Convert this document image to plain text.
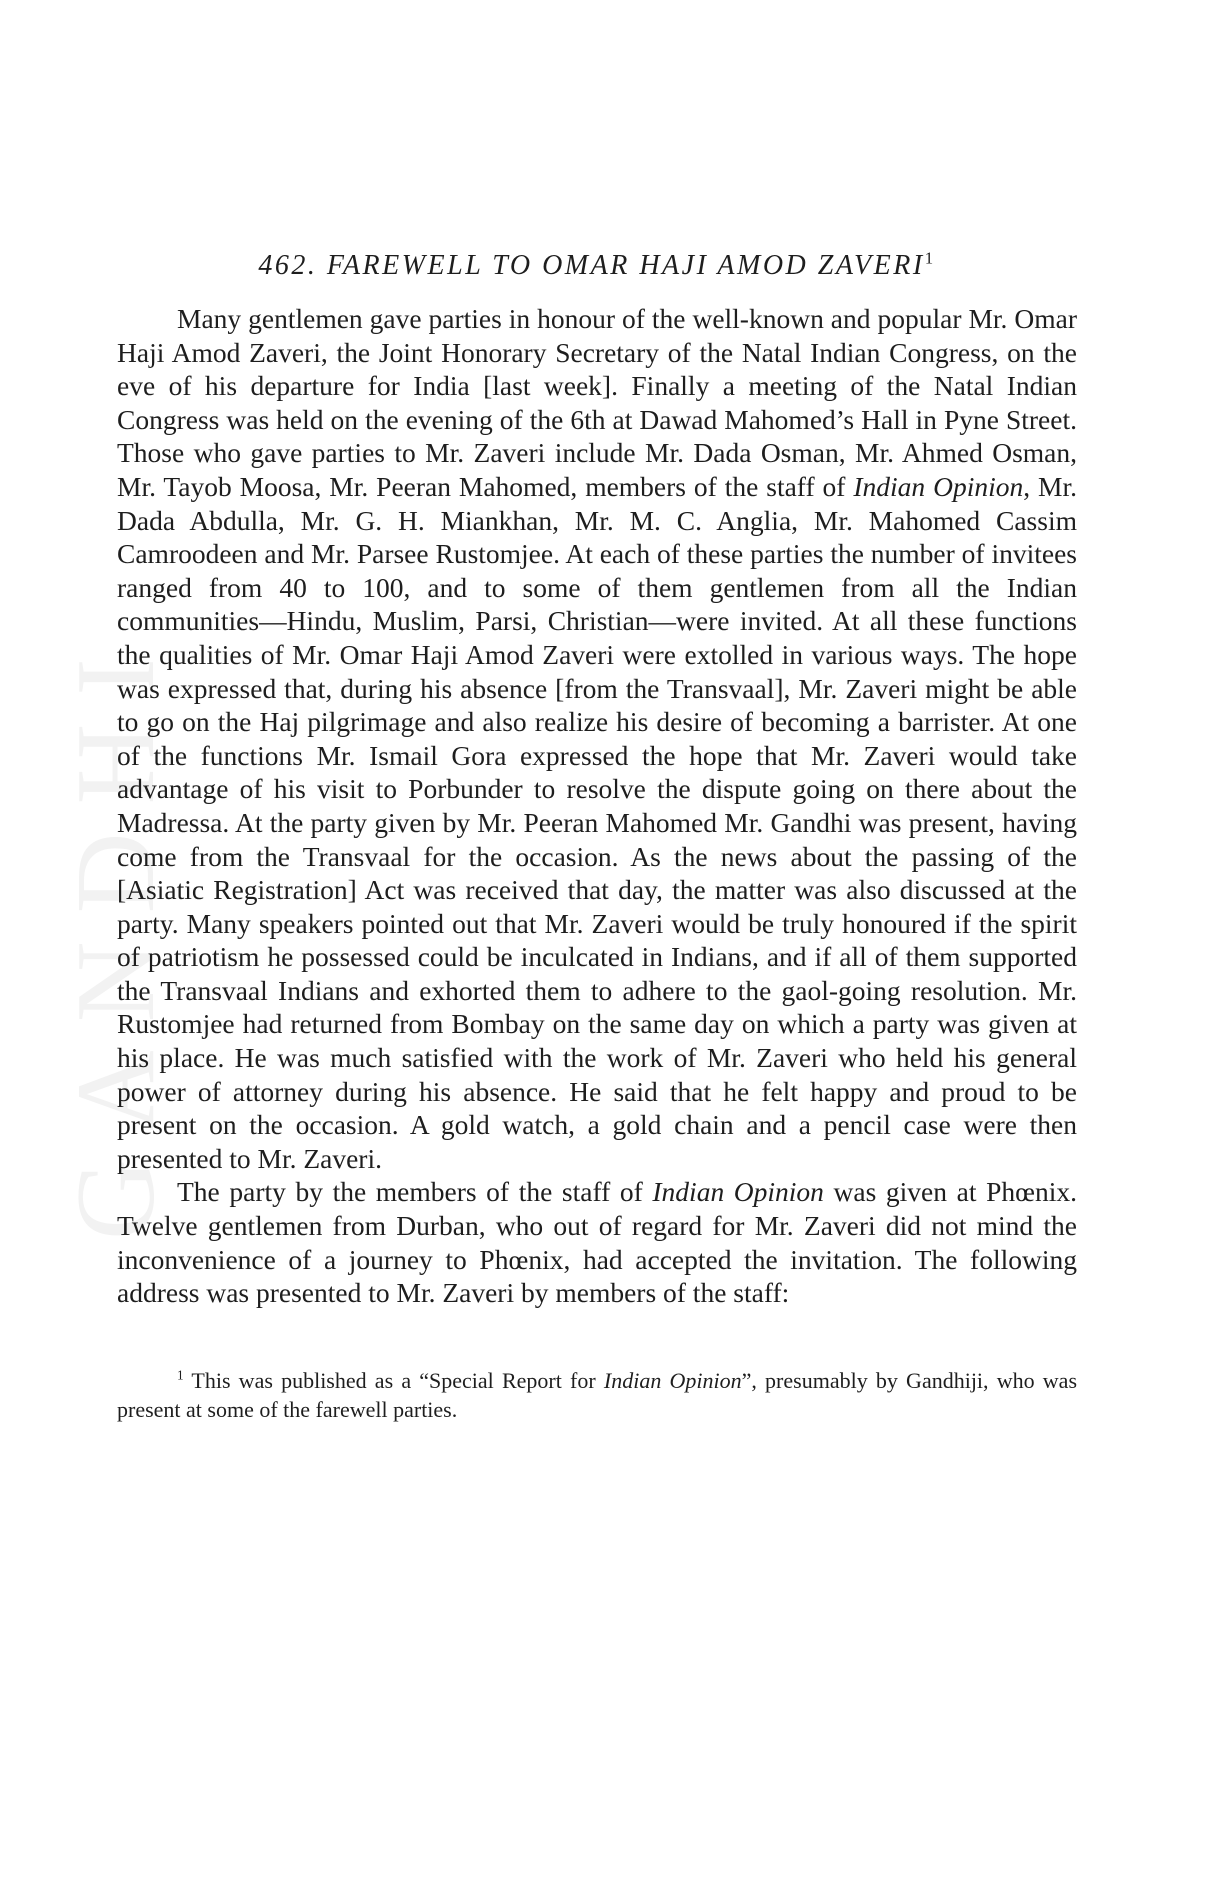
GANDHI
462. FAREWELL TO OMAR HAJI AMOD ZAVERI$^1$

Many gentlemen gave parties in honour of the well-known and popular Mr. Omar Haji Amod Zaveri, the Joint Honorary Secretary of the Natal Indian Congress, on the eve of his departure for India [last week]. Finally a meeting of the Natal Indian Congress was held on the evening of the 6th at Dawad Mahomed’s Hall in Pyne Street. Those who gave parties to Mr. Zaveri include Mr. Dada Osman, Mr. Ahmed Osman, Mr. Tayob Moosa, Mr. Peeran Mahomed, members of the staff of Indian Opinion, Mr. Dada Abdulla, Mr. G. H. Miankhan, Mr. M. C. Anglia, Mr. Mahomed Cassim Camroodeen and Mr. Parsee Rustomjee. At each of these parties the number of invitees ranged from 40 to 100, and to some of them gentlemen from all the Indian communities—Hindu, Muslim, Parsi, Christian—were invited. At all these functions the qualities of Mr. Omar Haji Amod Zaveri were extolled in various ways. The hope was expressed that, during his absence [from the Transvaal], Mr. Zaveri might be able to go on the Haj pilgrimage and also realize his desire of becoming a barrister. At one of the functions Mr. Ismail Gora expressed the hope that Mr. Zaveri would take advantage of his visit to Porbunder to resolve the dispute going on there about the Madressa. At the party given by Mr. Peeran Mahomed Mr. Gandhi was present, having come from the Transvaal for the occasion. As the news about the passing of the [Asiatic Registration] Act was received that day, the matter was also discussed at the party. Many speakers pointed out that Mr. Zaveri would be truly honoured if the spirit of patriotism he possessed could be inculcated in Indians, and if all of them supported the Transvaal Indians and exhorted them to adhere to the gaol-going resolution. Mr. Rustomjee had returned from Bombay on the same day on which a party was given at his place. He was much satisfied with the work of Mr. Zaveri who held his general power of attorney during his absence. He said that he felt happy and proud to be present on the occasion. A gold watch, a gold chain and a pencil case were then presented to Mr. Zaveri.

The party by the members of the staff of Indian Opinion was given at Phœnix. Twelve gentlemen from Durban, who out of regard for Mr. Zaveri did not mind the inconvenience of a journey to Phœnix, had accepted the invitation. The following address was presented to Mr. Zaveri by members of the staff:

$^1$ This was published as a “Special Report for Indian Opinion”, presumably by Gandhiji, who was present at some of the farewell parties.
